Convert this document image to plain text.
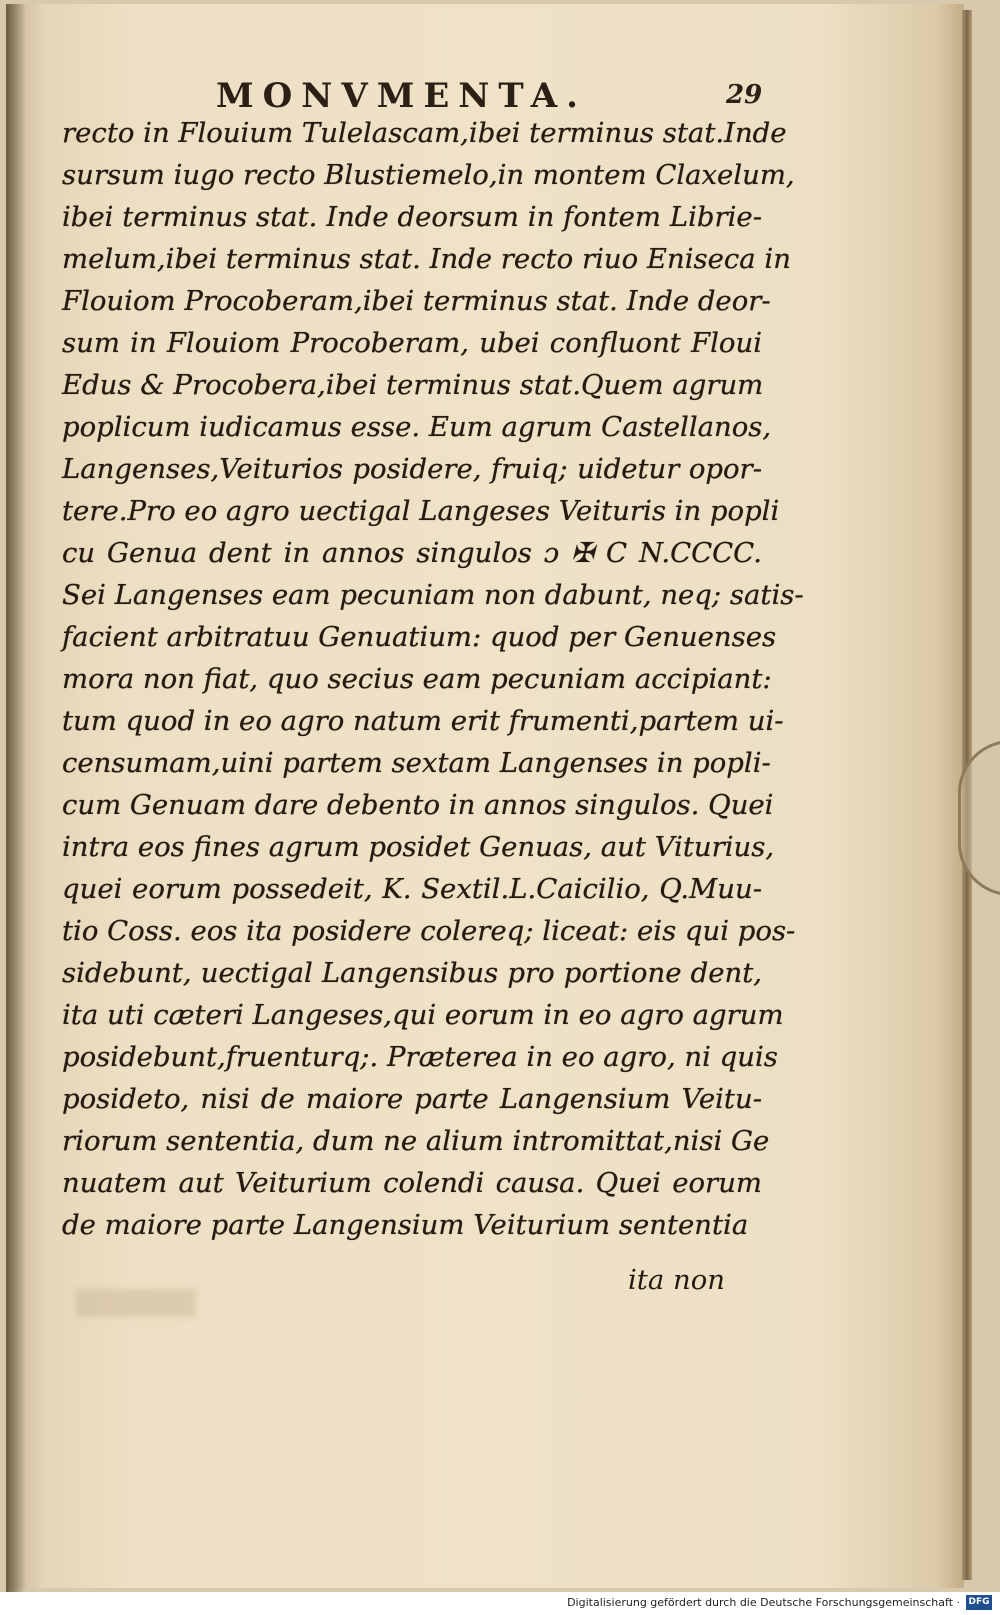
MONVMENTA.	29
recto in Flouium Tulelascam,ibei terminus stat.Inde
sursum iugo recto Blustiemelo,in montem Claxelum,
ibei terminus stat. Inde deorsum in fontem Librie-
melum,ibei terminus stat. Inde recto riuo Eniseca in
Flouiom Procoberam,ibei terminus stat. Inde deor-
sum in Flouiom Procoberam, ubei confluont Floui
Edus & Procobera,ibei terminus stat.Quem agrum
poplicum iudicamus esse. Eum agrum Castellanos,
Langenses,Veiturios posidere, fruiq; uidetur opor-
tere.Pro eo agro uectigal Langeses Veituris in popli
cu Genua dent in annos singulos ɔ ✠ C N.CCCC.
Sei Langenses eam pecuniam non dabunt, neq; satis-
facient arbitratuu Genuatium: quod per Genuenses
mora non fiat, quo secius eam pecuniam accipiant:
tum quod in eo agro natum erit frumenti,partem ui-
censumam,uini partem sextam Langenses in popli-
cum Genuam dare debento in annos singulos. Quei
intra eos fines agrum posidet Genuas, aut Viturius,
quei eorum possedeit, K. Sextil.L.Caicilio, Q.Muu-
tio Coss. eos ita posidere colereq; liceat: eis qui pos-
sidebunt, uectigal Langensibus pro portione dent,
ita uti cæteri Langeses,qui eorum in eo agro agrum
posidebunt,fruenturq;. Præterea in eo agro, ni quis
posideto, nisi de maiore parte Langensium Veitu-
riorum sententia, dum ne alium intromittat,nisi Ge
nuatem aut Veiturium colendi causa. Quei eorum
de maiore parte Langensium Veiturium sententia
ita non
Digitalisierung gefördert durch die Deutsche Forschungsgemeinschaft · DFG
